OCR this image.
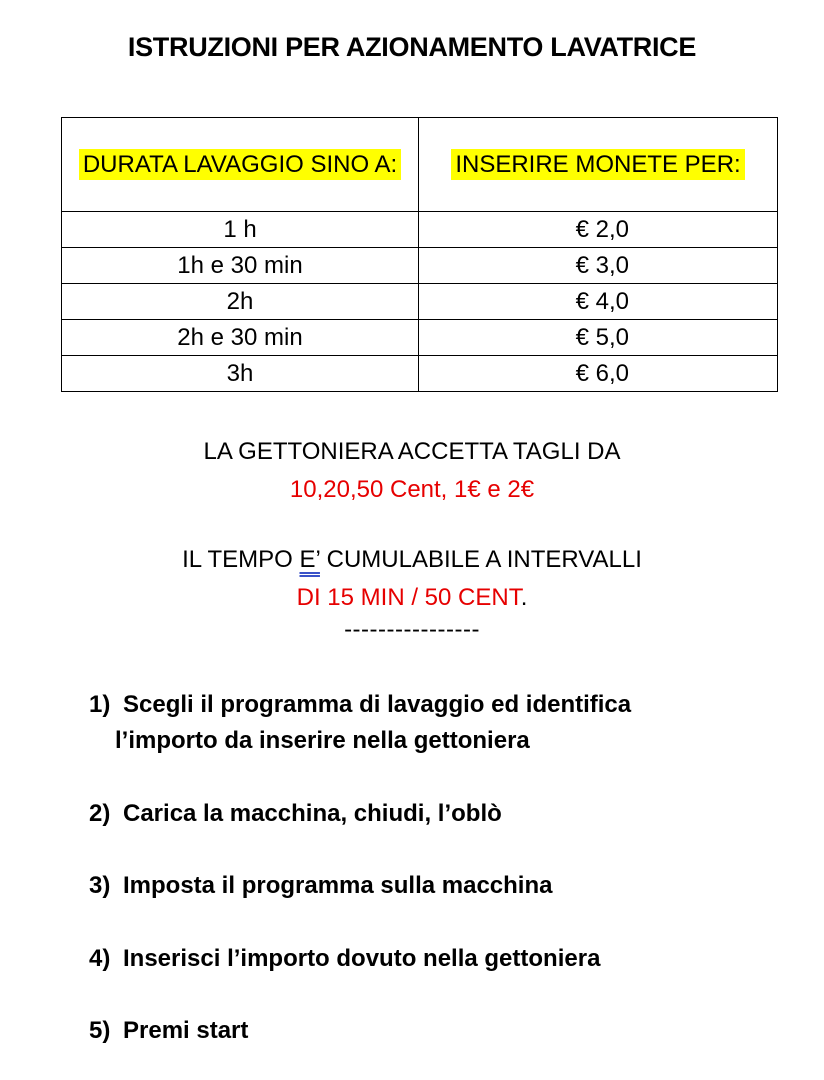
ISTRUZIONI PER AZIONAMENTO LAVATRICE
DURATA LAVAGGIO SINO A:	INSERIRE MONETE PER:
1 h	€ 2,0
1h e 30 min	€ 3,0
2h	€ 4,0
2h e 30 min	€ 5,0
3h	€ 6,0
LA GETTONIERA ACCETTA TAGLI DA
10,20,50 Cent, 1€ e 2€
IL TEMPO E’ CUMULABILE A INTERVALLI
DI 15 MIN / 50 CENT.
----------------
1) Scegli il programma di lavaggio ed identifica
l’importo da inserire nella gettoniera
2) Carica la macchina, chiudi, l’oblò
3) Imposta il programma sulla macchina
4) Inserisci l’importo dovuto nella gettoniera
5) Premi start
